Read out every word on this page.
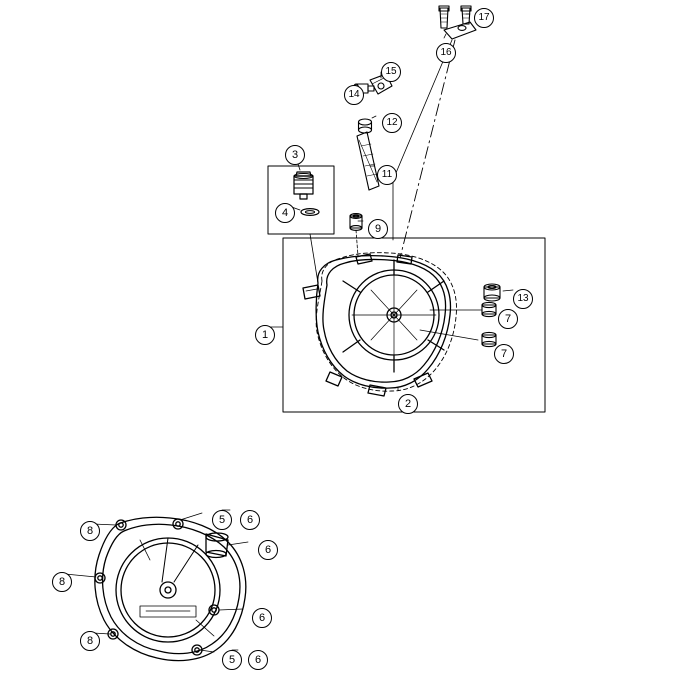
1
2
3
4
5	6
6
6
5	6
8
8
8
7
7
13
9
11
12
14
15
16
17
